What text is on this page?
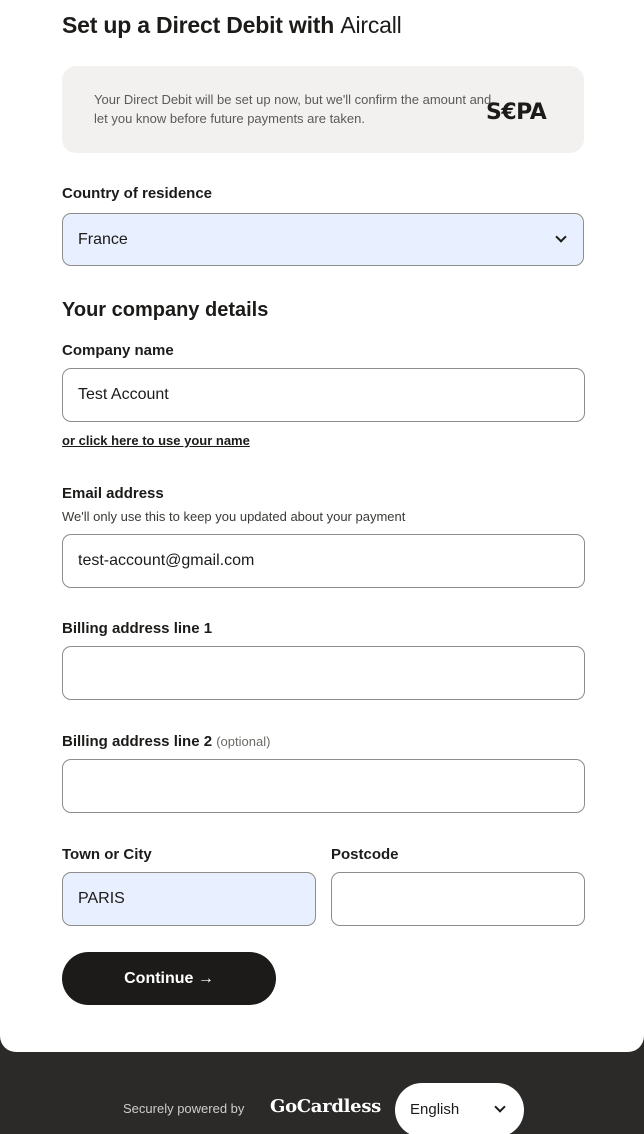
Set up a Direct Debit with Aircall
Your Direct Debit will be set up now, but we'll confirm the amount and let you know before future payments are taken.	S€PA
Country of residence
France
Your company details
Company name
Test Account
or click here to use your name
Email address
We'll only use this to keep you updated about your payment
test-account@gmail.com
Billing address line 1
Billing address line 2 (optional)
Town or City
PARIS	Postcode
Continue →
Securely powered by GoCardless English
